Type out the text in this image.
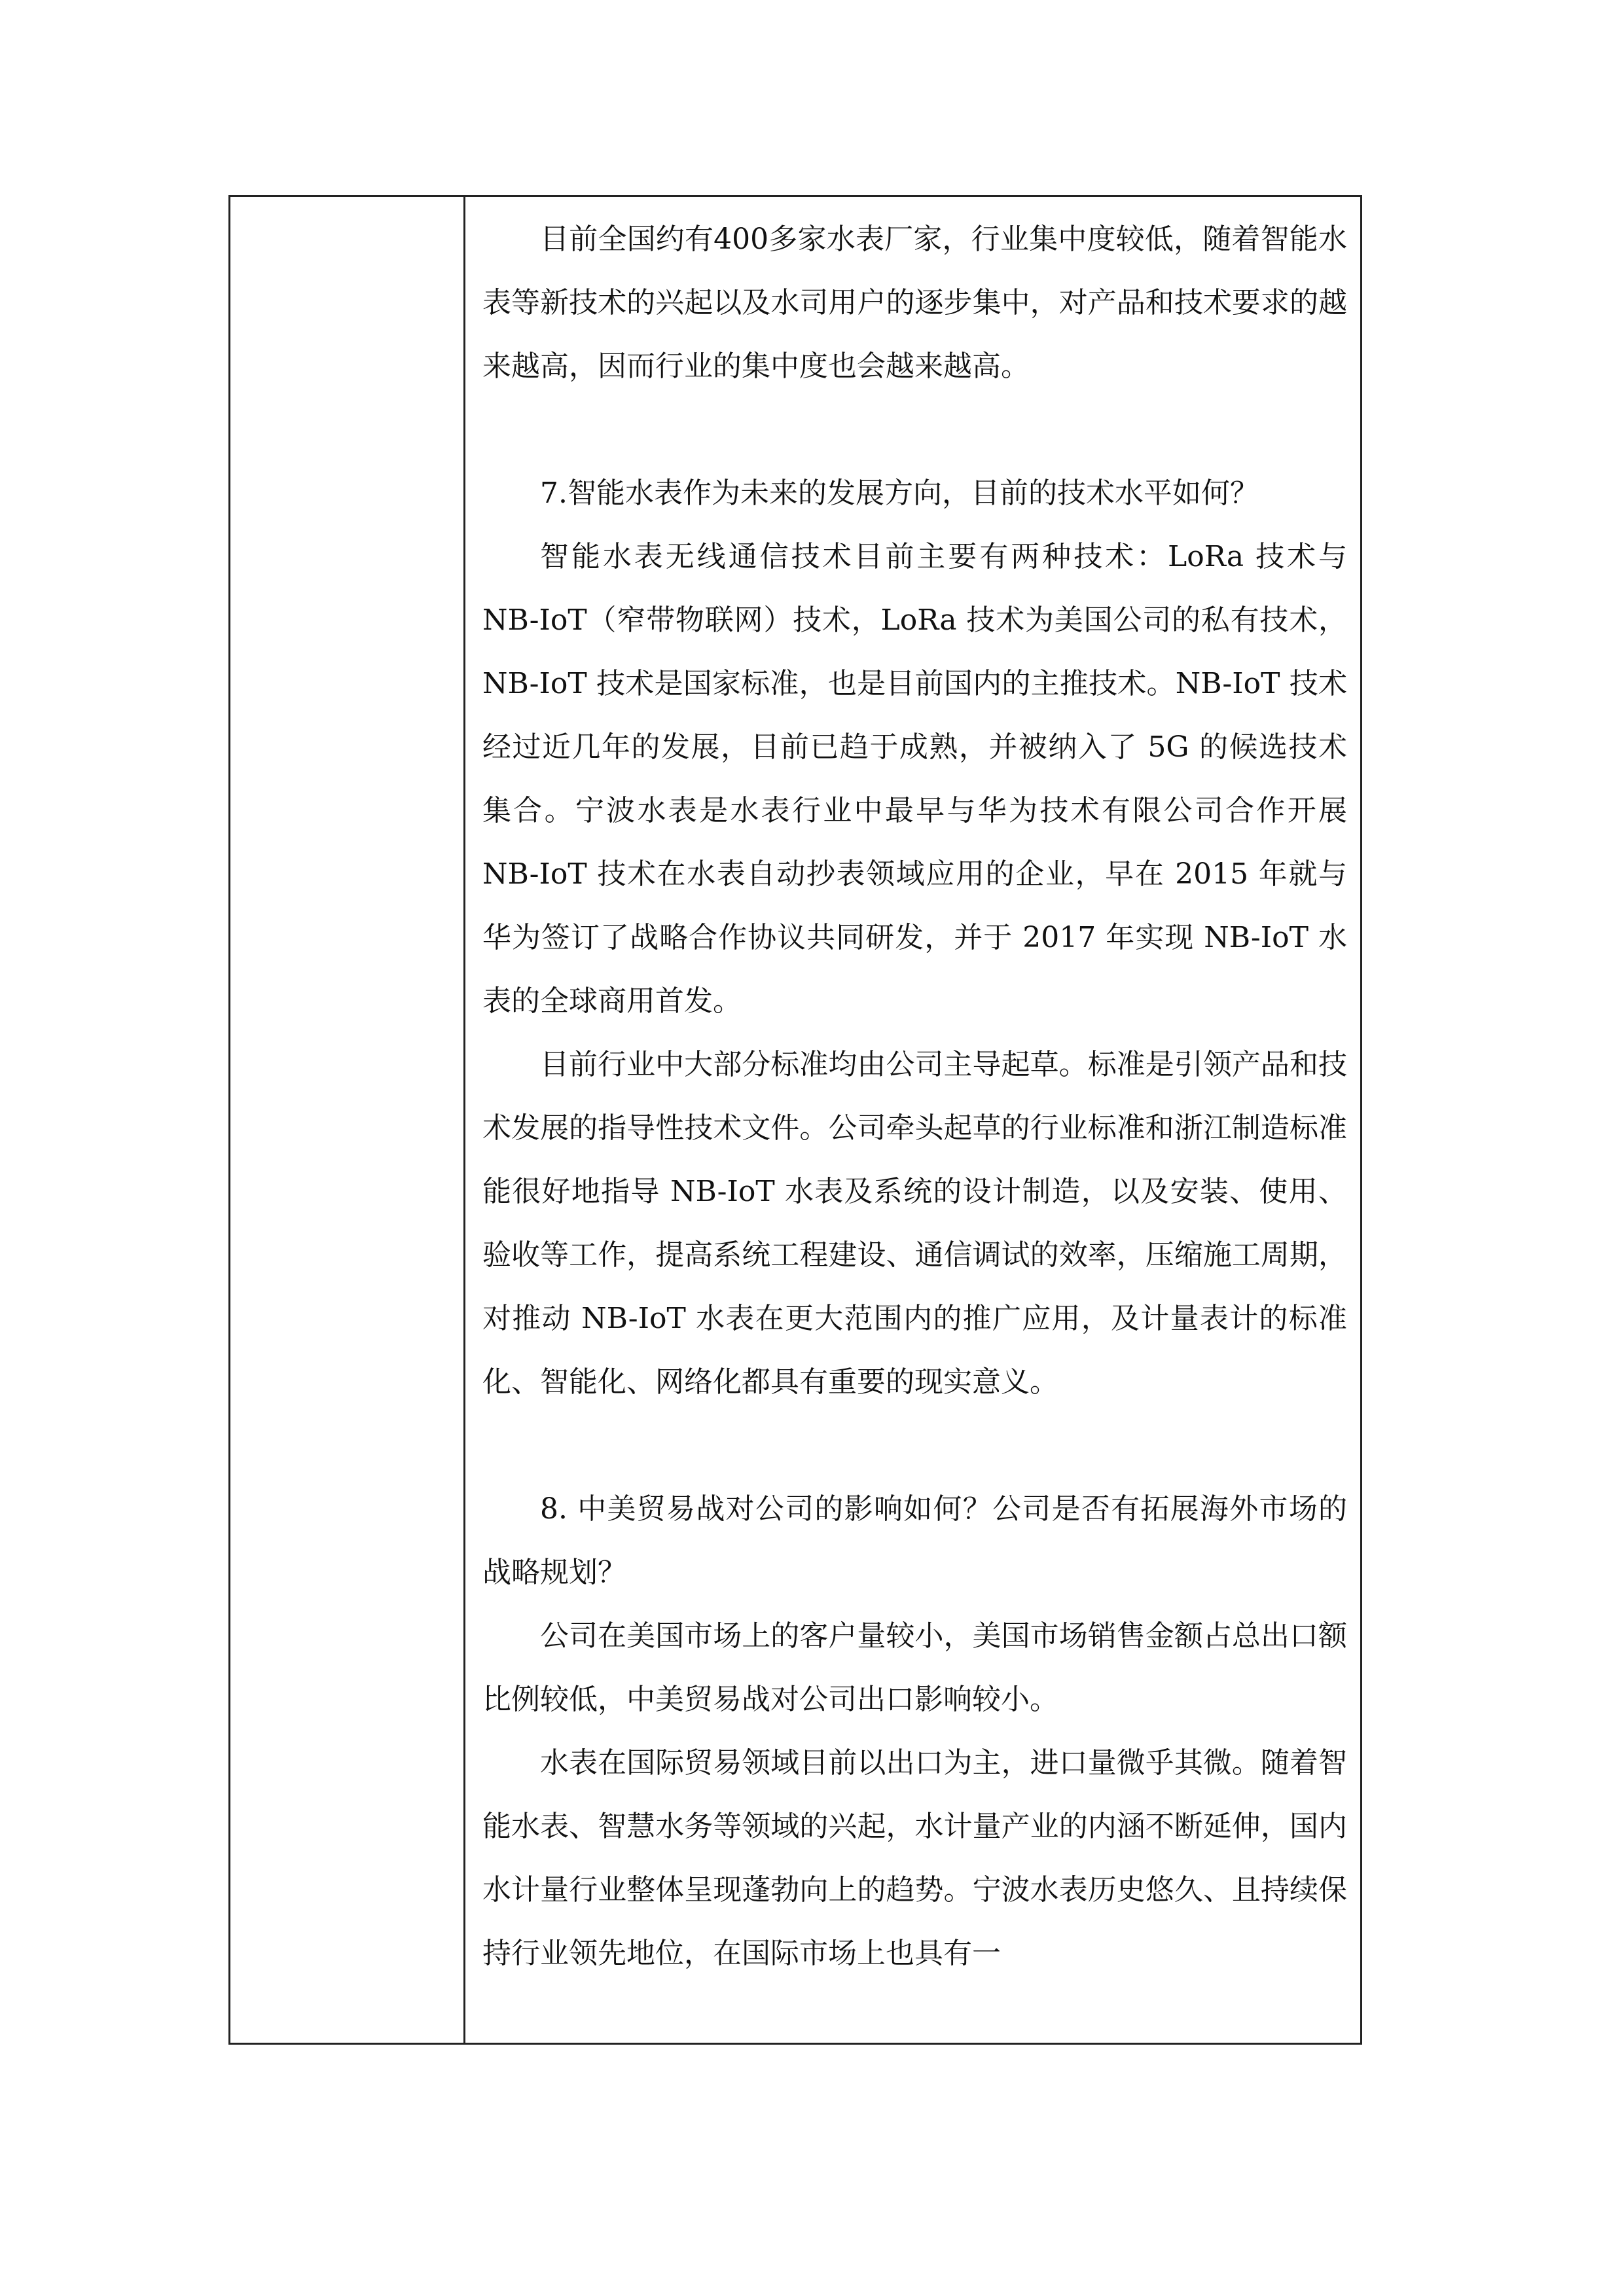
目前全国约有400多家水表厂家，行业集中度较低，随着智能水表等新技术的兴起以及水司用户的逐步集中，对产品和技术要求的越来越高，因而行业的集中度也会越来越高。

7.智能水表作为未来的发展方向，目前的技术水平如何？

智能水表无线通信技术目前主要有两种技术：LoRa 技术与 NB-IoT（窄带物联网）技术，LoRa 技术为美国公司的私有技术，NB-IoT 技术是国家标准，也是目前国内的主推技术。NB-IoT 技术经过近几年的发展，目前已趋于成熟，并被纳入了 5G 的候选技术集合。宁波水表是水表行业中最早与华为技术有限公司合作开展 NB-IoT 技术在水表自动抄表领域应用的企业，早在 2015 年就与华为签订了战略合作协议共同研发，并于 2017 年实现 NB-IoT 水表的全球商用首发。

目前行业中大部分标准均由公司主导起草。标准是引领产品和技术发展的指导性技术文件。公司牵头起草的行业标准和浙江制造标准能很好地指导 NB-IoT 水表及系统的设计制造，以及安装、使用、验收等工作，提高系统工程建设、通信调试的效率，压缩施工周期，对推动 NB-IoT 水表在更大范围内的推广应用，及计量表计的标准化、智能化、网络化都具有重要的现实意义。

8. 中美贸易战对公司的影响如何？公司是否有拓展海外市场的战略规划？

公司在美国市场上的客户量较小，美国市场销售金额占总出口额比例较低，中美贸易战对公司出口影响较小。

水表在国际贸易领域目前以出口为主，进口量微乎其微。随着智能水表、智慧水务等领域的兴起，水计量产业的内涵不断延伸，国内水计量行业整体呈现蓬勃向上的趋势。宁波水表历史悠久、且持续保持行业领先地位，在国际市场上也具有一
